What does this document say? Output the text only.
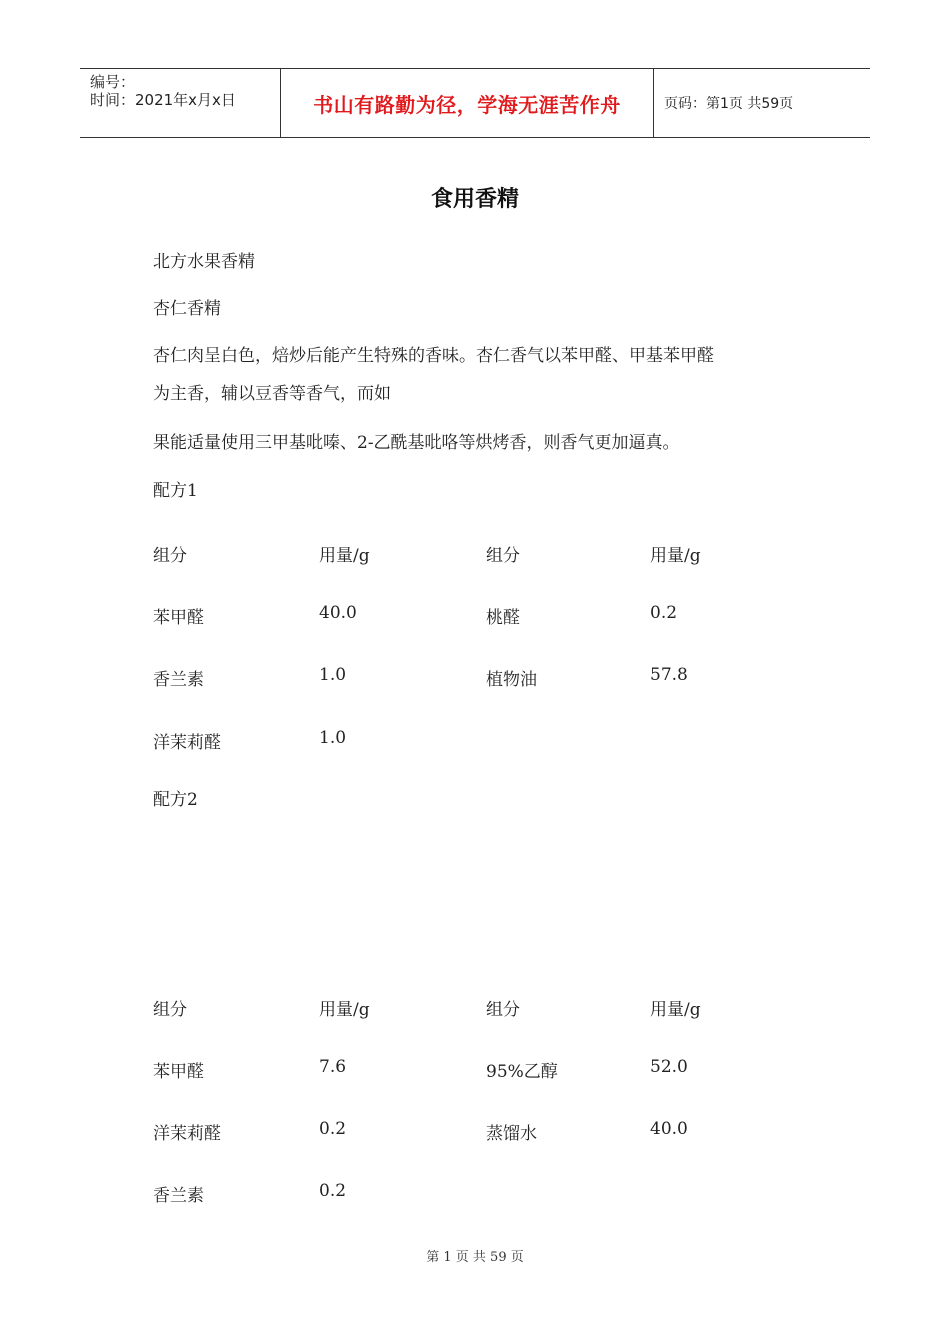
编号：
时间：2021年x月x日	书山有路勤为径，学海无涯苦作舟	页码：第1页 共59页
食用香精

北方水果香精

杏仁香精

杏仁肉呈白色，焙炒后能产生特殊的香味。杏仁香气以苯甲醛、甲基苯甲醛

为主香，辅以豆香等香气，而如

果能适量使用三甲基吡嗪、2-乙酰基吡咯等烘烤香，则香气更加逼真。

配方1

组分	用量/g	组分	用量/g
苯甲醛	40.0	桃醛	0.2
香兰素	1.0	植物油	57.8
洋茉莉醛	1.0

配方2

组分	用量/g	组分	用量/g
苯甲醛	7.6	95%乙醇	52.0
洋茉莉醛	0.2	蒸馏水	40.0
香兰素	0.2
第 1 页 共 59 页
